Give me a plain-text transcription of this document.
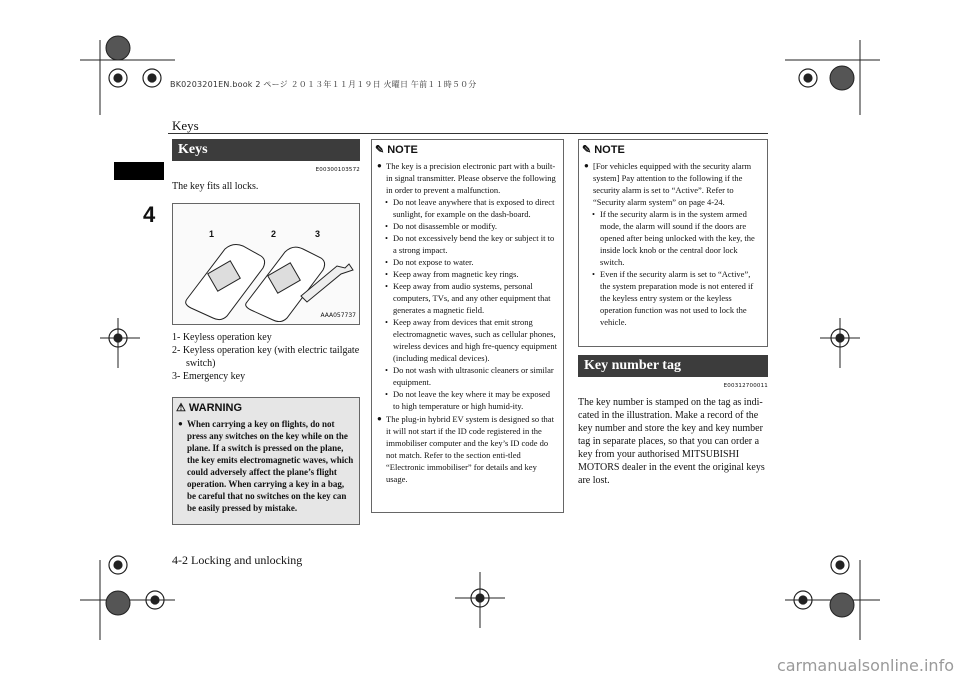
BK0203201EN.book 2 ページ ２０１３年１１月１９日 火曜日 午前１１時５０分
Keys
4
4-2 Locking and unlocking
Keys
E00300103572

The key fits all locks.

1	2	3
AAA057737
1- Keyless operation key
2- Keyless operation key (with electric tailgate switch)
3- Emergency key
⚠ WARNING
● When carrying a key on flights, do not press any switches on the key while on the plane. If a switch is pressed on the plane, the key emits electromagnetic waves, which could adversely affect the plane’s flight operation. When carrying a key in a bag, be careful that no switches on the key can be easily pressed by mistake.
✎ NOTE
● The key is a precision electronic part with a built-in signal transmitter. Please observe the following in order to prevent a malfunction.
• Do not leave anywhere that is exposed to direct sunlight, for example on the dash-board.
• Do not disassemble or modify.
• Do not excessively bend the key or subject it to a strong impact.
• Do not expose to water.
• Keep away from magnetic key rings.
• Keep away from audio systems, personal computers, TVs, and any other equipment that generates a magnetic field.
• Keep away from devices that emit strong electromagnetic waves, such as cellular phones, wireless devices and high fre-quency equipment (including medical devices).
• Do not wash with ultrasonic cleaners or similar equipment.
• Do not leave the key where it may be exposed to high temperature or high humid-ity.
● The plug-in hybrid EV system is designed so that it will not start if the ID code registered in the immobiliser computer and the key’s ID code do not match. Refer to the section enti-tled “Electronic immobiliser” for details and key usage.
✎ NOTE
● [For vehicles equipped with the security alarm system] Pay attention to the following if the security alarm is set to “Active”. Refer to “Security alarm system” on page 4-24.
• If the security alarm is in the system armed mode, the alarm will sound if the doors are opened after being unlocked with the key, the inside lock knob or the central door lock switch.
• Even if the security alarm is set to “Active”, the system preparation mode is not entered if the keyless entry system or the keyless operation function was not used to lock the vehicle.
Key number tag
E00312700011

The key number is stamped on the tag as indi-cated in the illustration. Make a record of the key number and store the key and key number tag in separate places, so that you can order a key from your authorised MITSUBISHI MOTORS dealer in the event the original keys are lost.

carmanualsonline.info
